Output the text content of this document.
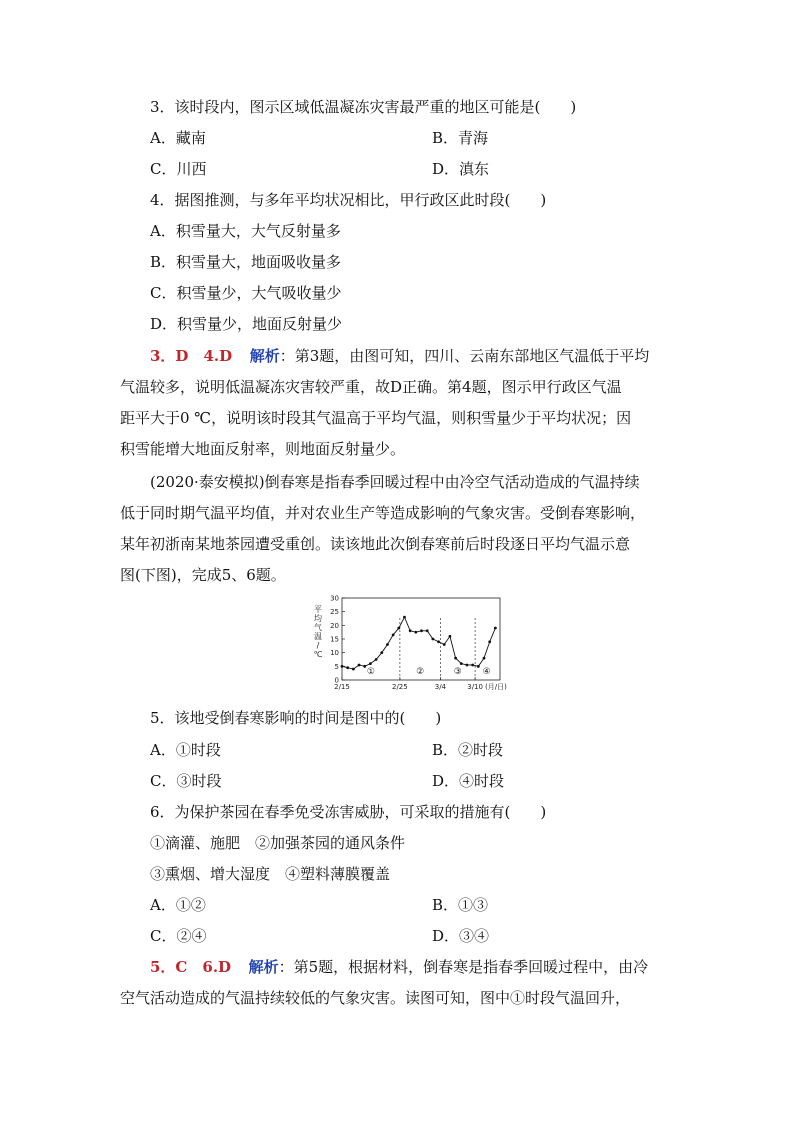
3．该时段内，图示区域低温凝冻灾害最严重的地区可能是(　　)
A．藏南	B．青海
C．川西	D．滇东
4．据图推测，与多年平均状况相比，甲行政区此时段(　　)
A．积雪量大，大气反射量多
B．积雪量大，地面吸收量多
C．积雪量少，大气吸收量少
D．积雪量少，地面反射量少
3．D　4.D 解析：第3题，由图可知，四川、云南东部地区气温低于平均
气温较多，说明低温凝冻灾害较严重，故D正确。第4题，图示甲行政区气温
距平大于0 ℃，说明该时段其气温高于平均气温，则积雪量少于平均状况；因
积雪能增大地面反射率，则地面反射量少。
(2020·泰安模拟)倒春寒是指春季回暖过程中由冷空气活动造成的气温持续
低于同时期气温平均值，并对农业生产等造成影响的气象灾害。受倒春寒影响，
某年初浙南某地茶园遭受重创。读该地此次倒春寒前后时段逐日平均气温示意
图(下图)，完成5、6题。
0
5
10
15
20
25
30
平
均
气
温
/
℃
①	②	③ ④
2/15	2/25	3/4	3/10 (月/日)
5．该地受倒春寒影响的时间是图中的(　　)
A．①时段	B．②时段
C．③时段	D．④时段
6．为保护茶园在春季免受冻害威胁，可采取的措施有(　　)
①滴灌、施肥　②加强茶园的通风条件
③熏烟、增大湿度　④塑料薄膜覆盖
A．①②	B．①③
C．②④	D．③④
5．C　6.D 解析：第5题，根据材料，倒春寒是指春季回暖过程中，由冷
空气活动造成的气温持续较低的气象灾害。读图可知，图中①时段气温回升，
